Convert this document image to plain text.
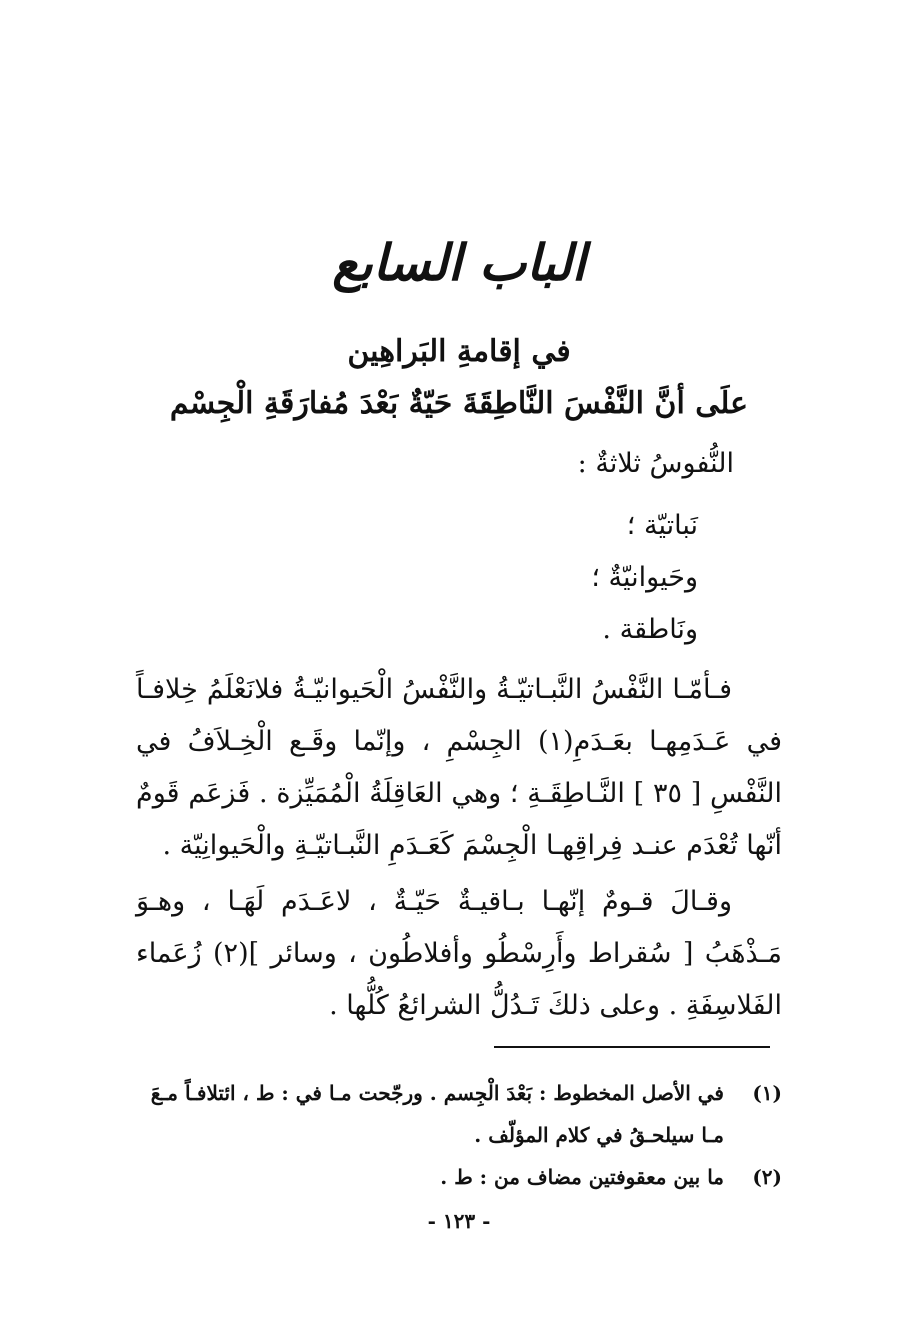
الباب السابع
في إقامةِ البَراهِين
علَى أنَّ النَّفْسَ النَّاطِقَةَ حَيّةٌ بَعْدَ مُفارَقَةِ الْجِسْم
النُّفوسُ ثلاثةٌ :
نَباتيّة ؛
وحَيوانيّةٌ ؛
ونَاطقة .
فـأمّـا النَّفْسُ النَّبـاتيّـةُ والنَّفْسُ الْحَيوانيّـةُ فلانَعْلَمُ خِلافـاً في عَـدَمِهـا بعَـدَمِ(١) الجِسْمِ ، وإنّما وقَـع الْخِـلاَفُ في النَّفْسِ [ ٣٥ ] النَّـاطِقَـةِ ؛ وهي العَاقِلَةُ الْمُمَيِّزة . فَزعَم قَومٌ أنّها تُعْدَم عنـد فِراقِهـا الْجِسْمَ كَعَـدَمِ النَّبـاتيّـةِ والْحَيوانِيّة .
وقـالَ قـومٌ إنّهـا بـاقيـةٌ حَيّـةٌ ، لاعَـدَم لَهَـا ، وهـوَ مَـذْهَبُ [ سُقراط وأَرِسْطُو وأفلاطُون ، وسائر ](٢) زُعَماء الفَلاسِفَةِ . وعلى ذلكَ تَـدُلُّ الشرائعُ كُلُّها .
(١)
في الأصل المخطوط : بَعْدَ الْجِسم . ورجّحت مـا في : ط ، ائتلافـاً مـعَ مـا سيلحـقُ في كلام المؤلّف .
(٢)
ما بين معقوفتين مضاف من : ط .
- ١٢٣ -
